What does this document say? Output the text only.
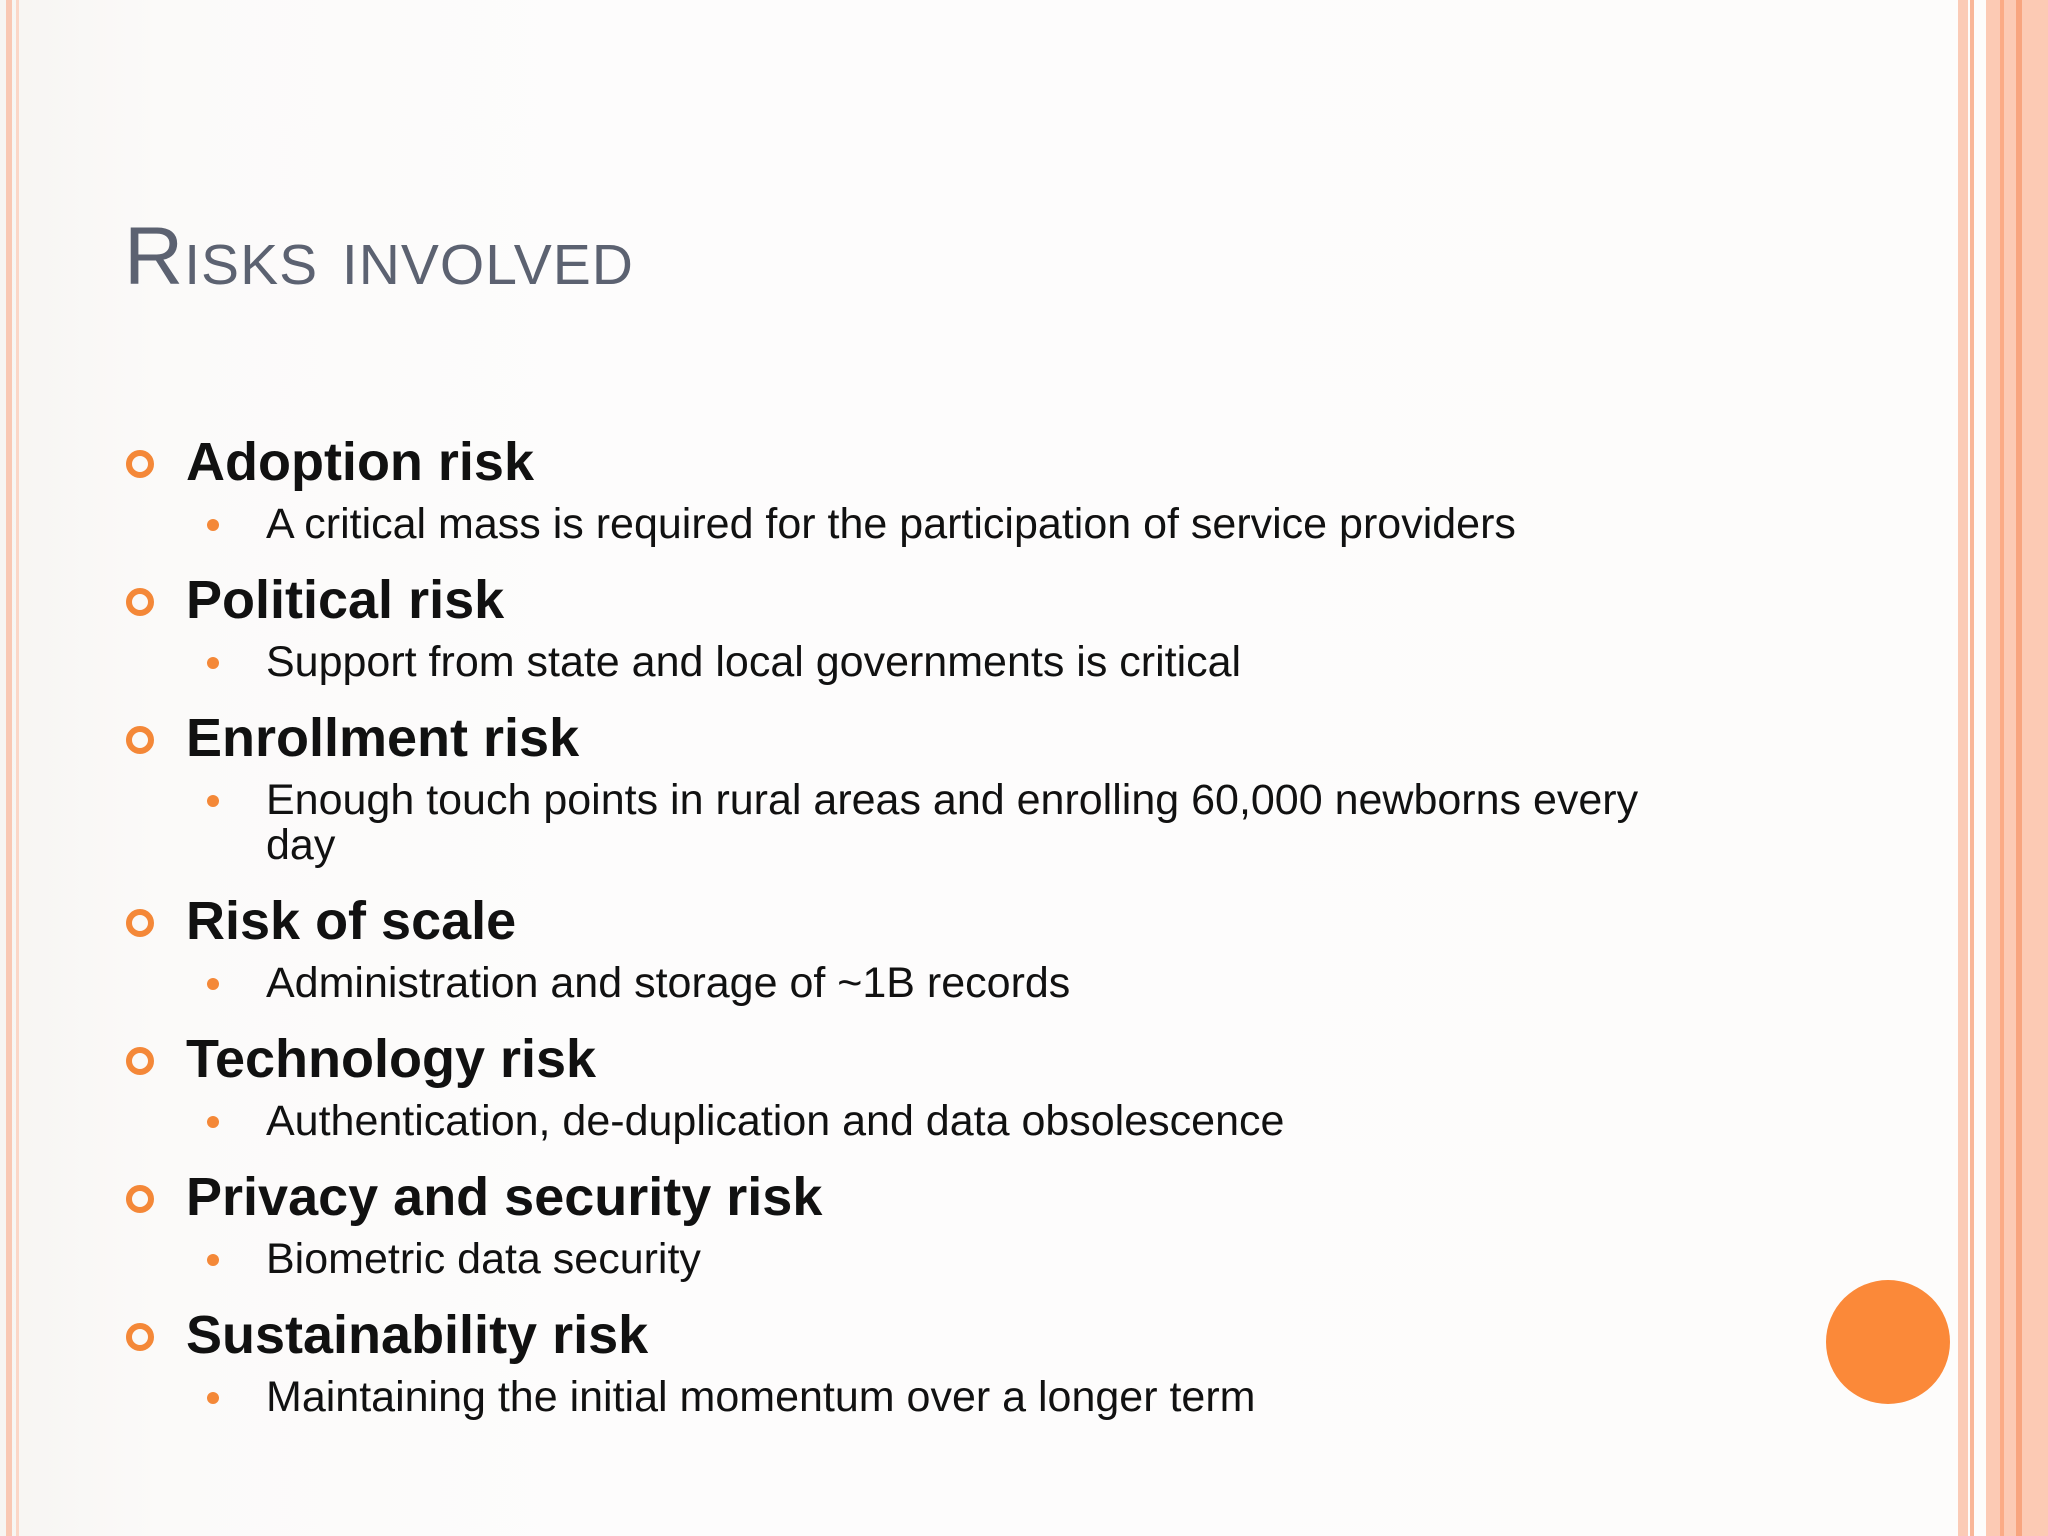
Risks involved
Adoption risk
A critical mass is required for the participation of service providers
Political risk
Support from state and local governments is critical
Enrollment risk
Enough touch points in rural areas and enrolling 60,000 newborns every day
Risk of scale
Administration and storage of ~1B records
Technology risk
Authentication, de-duplication and data obsolescence
Privacy and security risk
Biometric data security
Sustainability risk
Maintaining the initial momentum over a longer term
